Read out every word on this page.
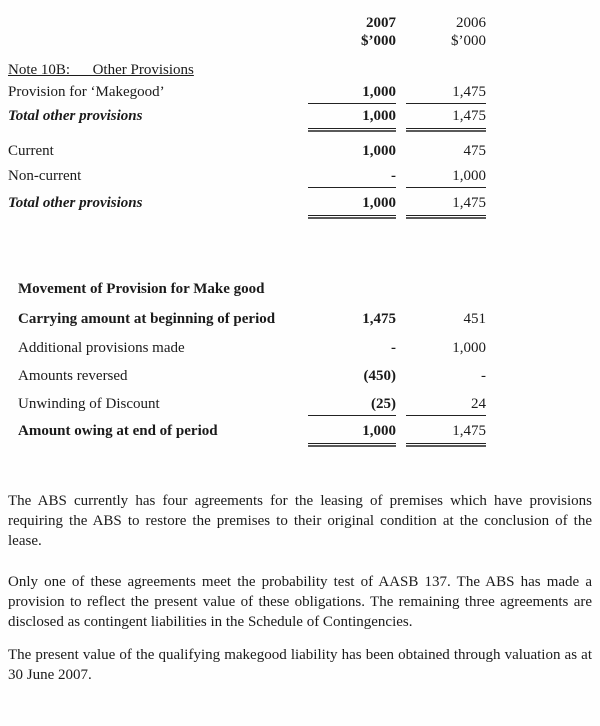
2007	2006
$’000	$’000
Note 10B:      Other Provisions
Provision for ‘Makegood’	1,000	1,475
Total other provisions	1,000	1,475
Current	1,000	475
Non-current	-	1,000
Total other provisions	1,000	1,475
Movement of Provision for Make good
Carrying amount at beginning of period	1,475	451
Additional provisions made	-	1,000
Amounts reversed	(450)	-
Unwinding of Discount	(25)	24
Amount owing at end of period	1,000	1,475

The ABS currently has four agreements for the leasing of premises which have provisions requiring the ABS to restore the premises to their original condition at the conclusion of the lease.

Only one of these agreements meet the probability test of AASB 137. The ABS has made a provision to reflect the present value of these obligations. The remaining three agreements are disclosed as contingent liabilities in the Schedule of Contingencies.

The present value of the qualifying makegood liability has been obtained through valuation as at 30 June 2007.
